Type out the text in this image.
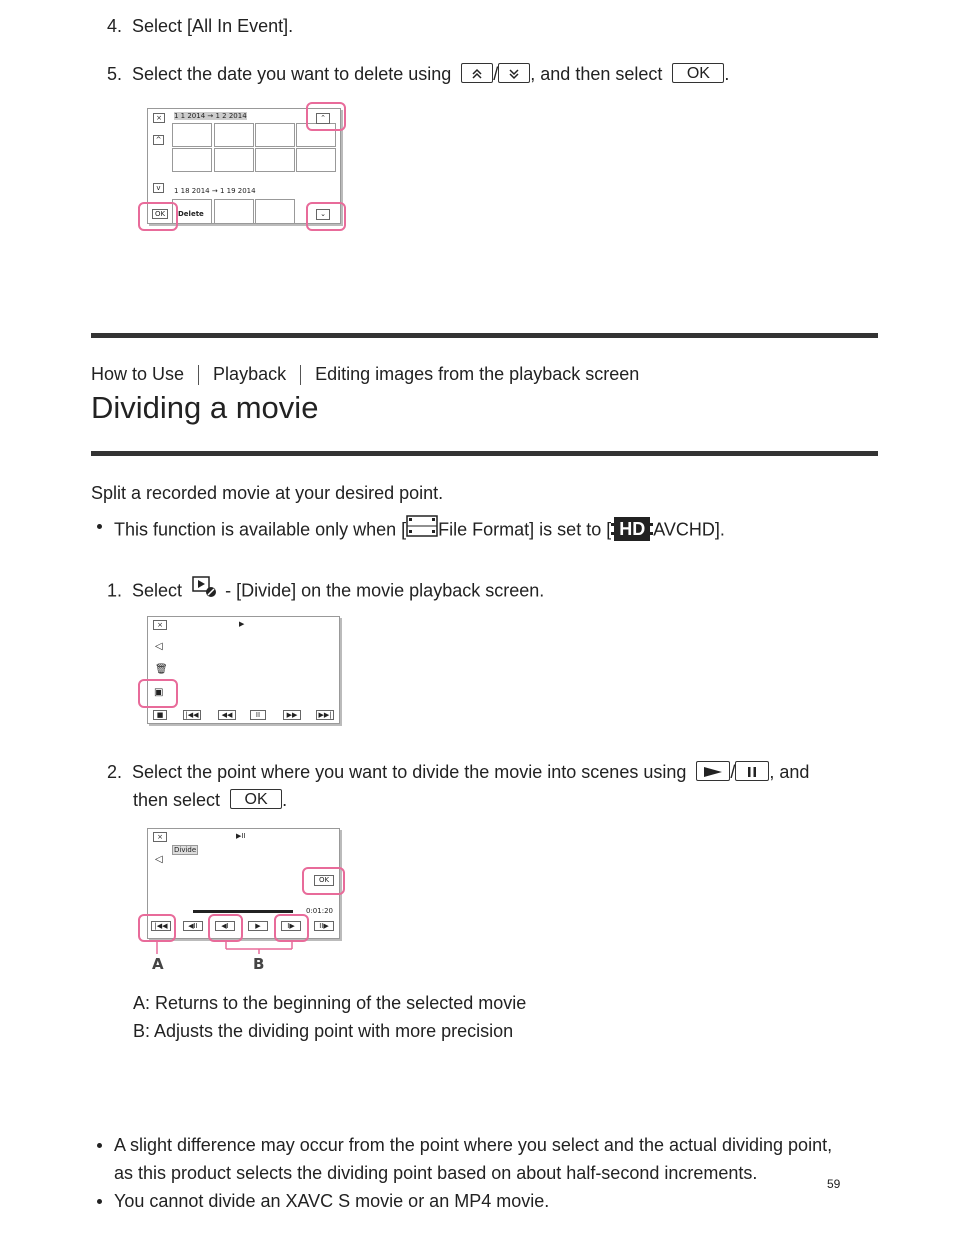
4. Select [All In Event].
5. Select the date you want to delete using / , and then select OK .
×	1 1 2014 → 1 2 2014
^
v	1 18 2014 → 1 19 2014
OK	Delete
⌃
⌄
How to Use Playback Editing images from the playback screen
Dividing a movie
Split a recorded movie at your desired point.
This function is available only when [ File Format] is set to [ HD AVCHD].
1. Select - [Divide] on the movie playback screen.
×	▶
◁
🗑
▣
■	|◀◀	◀◀	II	▶▶	▶▶|
2. Select the point where you want to divide the movie into scenes using / , and
then select OK .
×	▶II
Divide
◁
OK
0:01:20
|◀◀	◀II	◀I	▶	I▶	II▶
A	B
A: Returns to the beginning of the selected movie
B: Adjusts the dividing point with more precision
A slight difference may occur from the point where you select and the actual dividing point,
as this product selects the dividing point based on about half-second increments.
59
You cannot divide an XAVC S movie or an MP4 movie.
